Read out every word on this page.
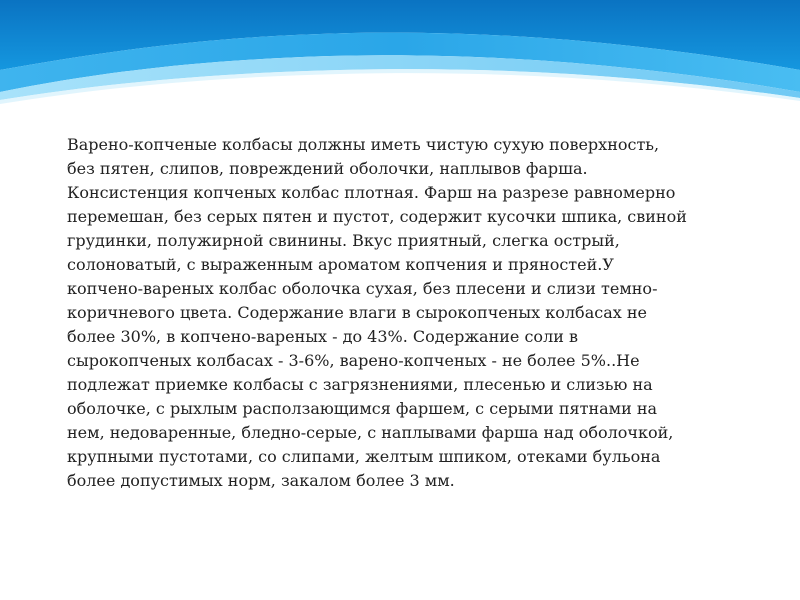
Варено-копченые колбасы должны иметь чистую сухую поверхность,
без пятен, слипов, повреждений оболочки, наплывов фарша.
Консистенция копченых колбас плотная. Фарш на разрезе равномерно
перемешан, без серых пятен и пустот, содержит кусочки шпика, свиной
грудинки, полужирной свинины. Вкус приятный, слегка острый,
солоноватый, с выраженным ароматом копчения и пряностей.У
копчено-вареных колбас оболочка сухая, без плесени и слизи темно-
коричневого цвета. Содержание влаги в сырокопченых колбасах не
более 30%, в копчено-вареных - до 43%. Содержание соли в
сырокопченых колбасах - 3-6%, варено-копченых - не более 5%..Не
подлежат приемке колбасы с загрязнениями, плесенью и слизью на
оболочке, с рыхлым расползающимся фаршем, с серыми пятнами на
нем, недоваренные, бледно-серые, с наплывами фарша над оболочкой,
крупными пустотами, со слипами, желтым шпиком, отеками бульона
более допустимых норм, закалом более 3 мм.
